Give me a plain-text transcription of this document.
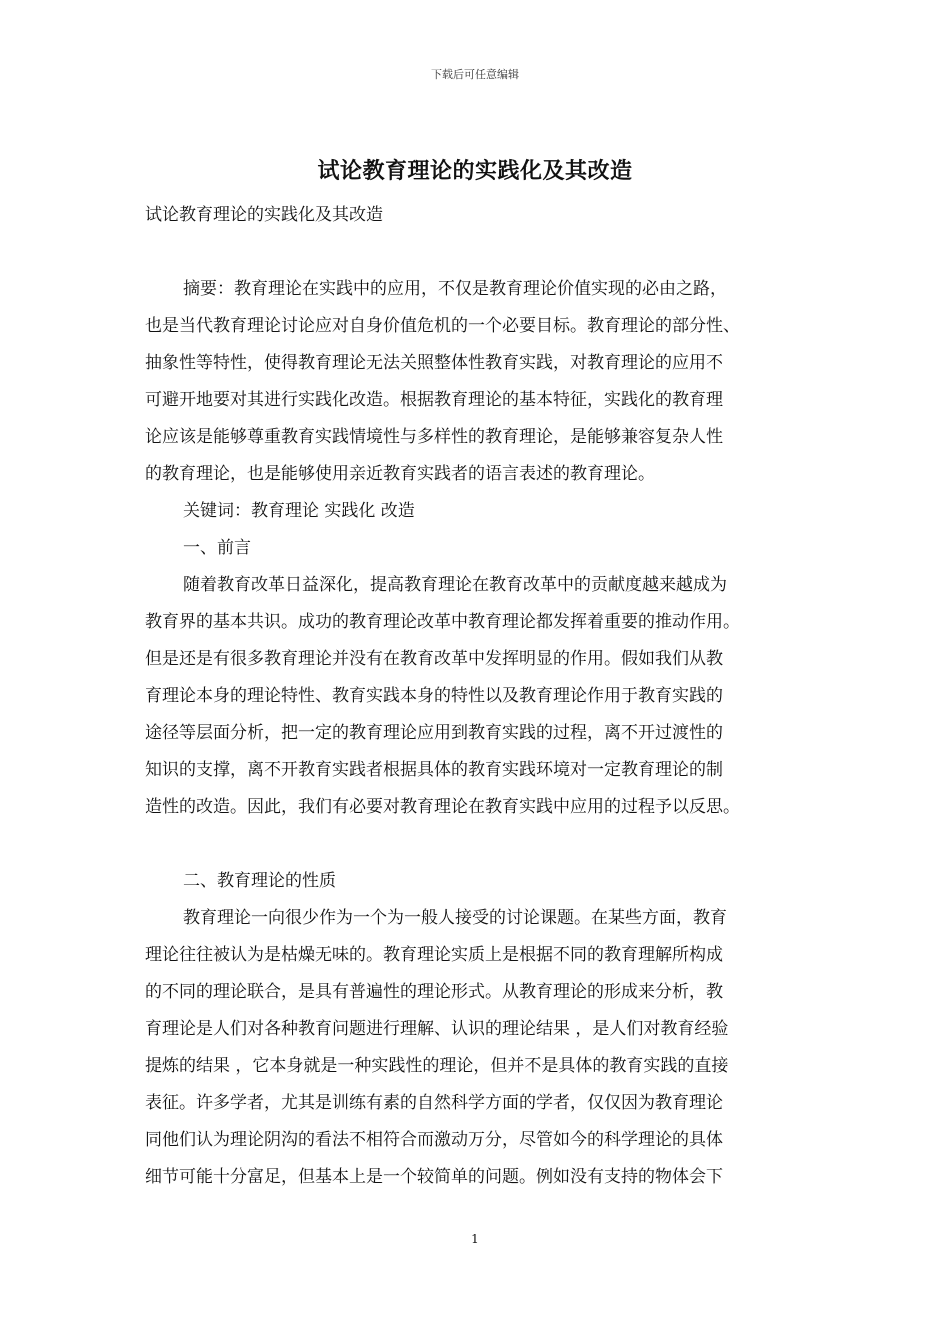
下载后可任意编辑
试论教育理论的实践化及其改造
试论教育理论的实践化及其改造
摘要：教育理论在实践中的应用，不仅是教育理论价值实现的必由之路，
也是当代教育理论讨论应对自身价值危机的一个必要目标。教育理论的部分性、
抽象性等特性，使得教育理论无法关照整体性教育实践，对教育理论的应用不
可避开地要对其进行实践化改造。根据教育理论的基本特征，实践化的教育理
论应该是能够尊重教育实践情境性与多样性的教育理论，是能够兼容复杂人性
的教育理论，也是能够使用亲近教育实践者的语言表述的教育理论。
关键词：教育理论 实践化 改造
一、前言
随着教育改革日益深化，提高教育理论在教育改革中的贡献度越来越成为
教育界的基本共识。成功的教育理论改革中教育理论都发挥着重要的推动作用。
但是还是有很多教育理论并没有在教育改革中发挥明显的作用。假如我们从教
育理论本身的理论特性、教育实践本身的特性以及教育理论作用于教育实践的
途径等层面分析，把一定的教育理论应用到教育实践的过程，离不开过渡性的
知识的支撑，离不开教育实践者根据具体的教育实践环境对一定教育理论的制
造性的改造。因此，我们有必要对教育理论在教育实践中应用的过程予以反思。
二、教育理论的性质
教育理论一向很少作为一个为一般人接受的讨论课题。在某些方面，教育
理论往往被认为是枯燥无味的。教育理论实质上是根据不同的教育理解所构成
的不同的理论联合，是具有普遍性的理论形式。从教育理论的形成来分析，教
育理论是人们对各种教育问题进行理解、认识的理论结果 ，是人们对教育经验
提炼的结果 ，它本身就是一种实践性的理论，但并不是具体的教育实践的直接
表征。许多学者，尤其是训练有素的自然科学方面的学者，仅仅因为教育理论
同他们认为理论阴沟的看法不相符合而激动万分，尽管如今的科学理论的具体
细节可能十分富足，但基本上是一个较简单的问题。例如没有支持的物体会下
1
